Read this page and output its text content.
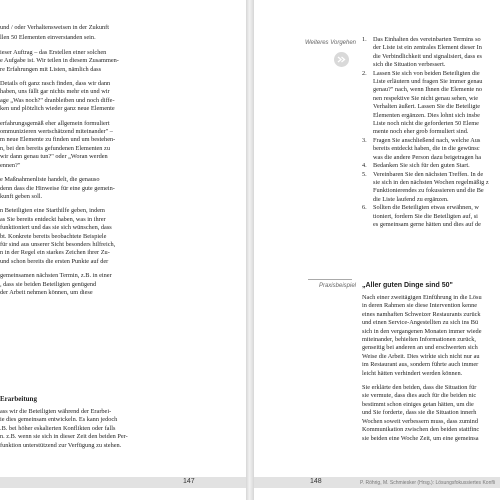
und / oder Verhaltensweisen in der Zukunft

llen 50 Elementen einverstanden sein.

ieser Auftrag – das Erstellen einer solchen
e Aufgabe ist. Wir teilen in diesem Zusammen-
re Erfahrungen mit Listen, nämlich dass

Details oft ganz rasch finden, dass wir dann
haben, uns fällt gar nichts mehr ein und wir
age „Was noch?" dranbleiben und noch diffe-
ken und plötzlich wieder ganz neue Elemente

erfahrungsgemäß eher allgemein formuliert
ommunizieren wertschätzend miteinander" –
m neue Elemente zu finden und um bestehen-
n, bei den bereits gefundenen Elementen zu
wir dann genau tun?" oder „Woran werden
ennen?"

e Maßnahmenliste handelt, die genauso
denn dass die Hinweise für eine gute gemein-
kunft geben soll.

n Beteiligten eine Starthilfe geben, indem
as Sie bereits entdeckt haben, was in ihrer
funktioniert und das sie sich wünschen, dass
bt. Konkrete bereits beobachtete Beispiele
für sind aus unserer Sicht besonders hilfreich,
n in der Regel ein starkes Zeichen ihrer Zu-
und schon bereits die ersten Punkte auf der

gemeinsamen nächsten Termin, z.B. in einer
, dass sie beiden Beteiligten genügend
der Arbeit nehmen können, um diese

Erarbeitung

ass wir die Beteiligten während der Erarbei-
ie dies gemeinsam entwickeln. Es kann jedoch
.B. bei höher eskalierten Konflikten oder falls
n. z.B. wenn sie sich in dieser Zeit den beiden Per-
funktion unterstützend zur Verfügung zu stehen.

147
Weiteres Vorgehen 1. Das Einhalten des vereinbarten Termins so
der Liste ist ein zentrales Element dieser In
die Verbindlichkeit und signalisiert, dass es
sich die Situation verbessert.
2. Lassen Sie sich von beiden Beteiligten die
Liste erläutern und fragen Sie immer genau
genau?" nach, wenn Ihnen die Elemente no
nen respektive Sie nicht genau sehen, wie
Verhalten äußert. Lassen Sie die Beteiligte
Elementen ergänzen. Dies lohnt sich insbe
Liste noch nicht die geforderten 50 Eleme
mente noch eher grob formuliert sind.
3. Fragen Sie anschließend nach, welche Aus
bereits entdeckt haben, die in die gewünsc
was die andere Person dazu beigetragen ha
4. Bedanken Sie sich für den guten Start.
5. Vereinbaren Sie den nächsten Treffen. In de
sie sich in den nächsten Wochen regelmäßig z
Funktionierendes zu fokussieren und die Be
die Liste laufend zu ergänzen.
6. Sollten die Beteiligten etwas erwähnen, w
tioniert, fordern Sie die Beteiligten auf, si
es gemeinsam gerne hätten und dies auf de
Praxisbeispiel „Aller guten Dinge sind 50"

Nach einer zweitägigen Einführung in die Lösu
in deren Rahmen sie diese Intervention kenne
eines namhaften Schweizer Restaurants zurück
und einen Service-Angestellten zu sich ins Bü
sich in den vergangenen Monaten immer wiede
miteinander, behielten Informationen zurück,
genseitig bei anderen an und erschwerten sich
Weise die Arbeit. Dies wirkte sich nicht nur au
im Restaurant aus, sondern führte auch immer
leicht hätten verhindert werden können.

Sie erklärte den beiden, dass die Situation für
sie vermute, dass dies auch für die beiden nic
bestimmt schon einiges getan hätten, um die
und Sie forderte, dass sie die Situation innerh
Wochen soweit verbessern muss, dass zumind
Kommunikation zwischen den beiden stattfinc
sie beiden eine Woche Zeit, um eine gemeinsa

148	P. Röhrig, M. Schmiesker (Hrsg.): Lösungsfokussiertes Konfli
